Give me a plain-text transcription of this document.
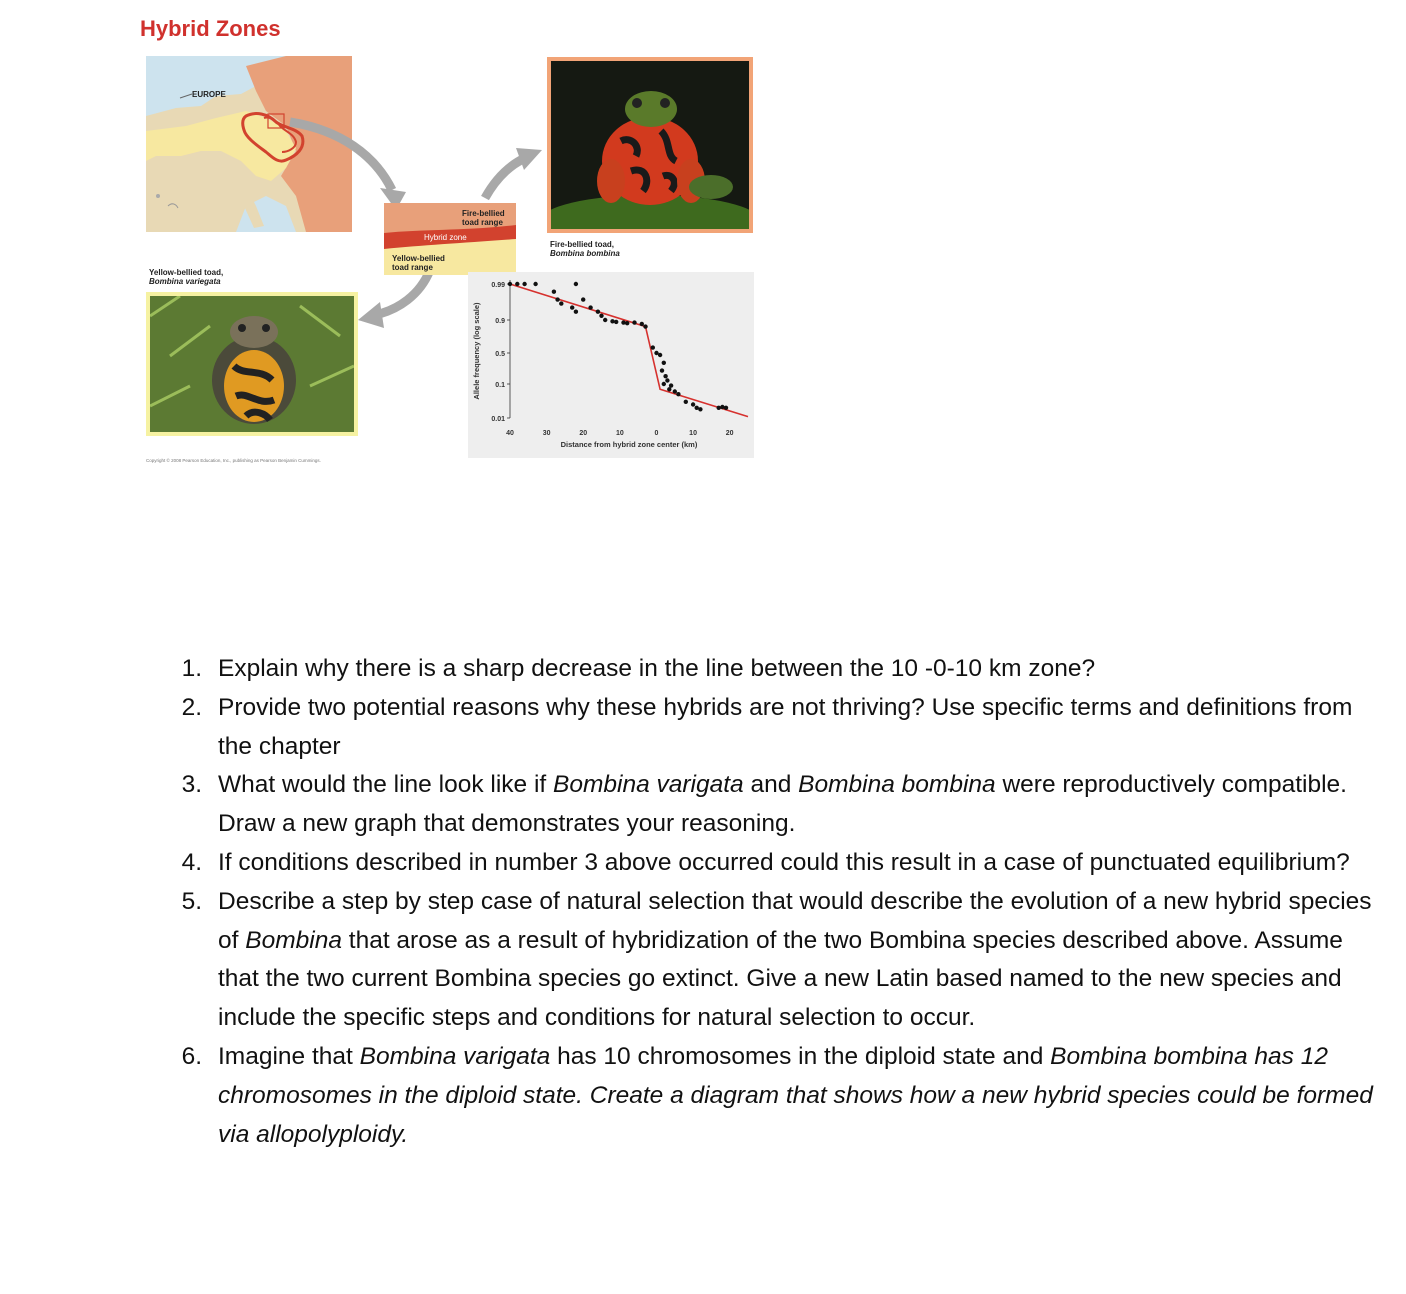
Hybrid Zones
EUROPE
Fire-bellied
toad range
Hybrid zone
Yellow-bellied
toad range
Fire-bellied toad,
Bombina bombina
Yellow-bellied toad,
Bombina variegata
Copyright © 2008 Pearson Education, Inc., publishing as Pearson Benjamin Cummings.
0.99
0.9
0.5
0.1
0.01
40	30	20	10	0	10	20
Allele frequency (log scale)
Distance from hybrid zone center (km)
1. Explain why there is a sharp decrease in the line between the 10 -0-10 km zone?
2. Provide two potential reasons why these hybrids are not thriving? Use specific terms and definitions from the chapter
3. What would the line look like if Bombina varigata and Bombina bombina were reproductively compatible. Draw a new graph that demonstrates your reasoning.
4. If conditions described in number 3 above occurred could this result in a case of punctuated equilibrium?
5. Describe a step by step case of natural selection that would describe the evolution of a new hybrid species of Bombina that arose as a result of hybridization of the two Bombina species described above. Assume that the two current Bombina species go extinct. Give a new Latin based named to the new species and include the specific steps and conditions for natural selection to occur.
6. Imagine that Bombina varigata has 10 chromosomes in the diploid state and Bombina bombina has 12 chromosomes in the diploid state. Create a diagram that shows how a new hybrid species could be formed via allopolyploidy.
